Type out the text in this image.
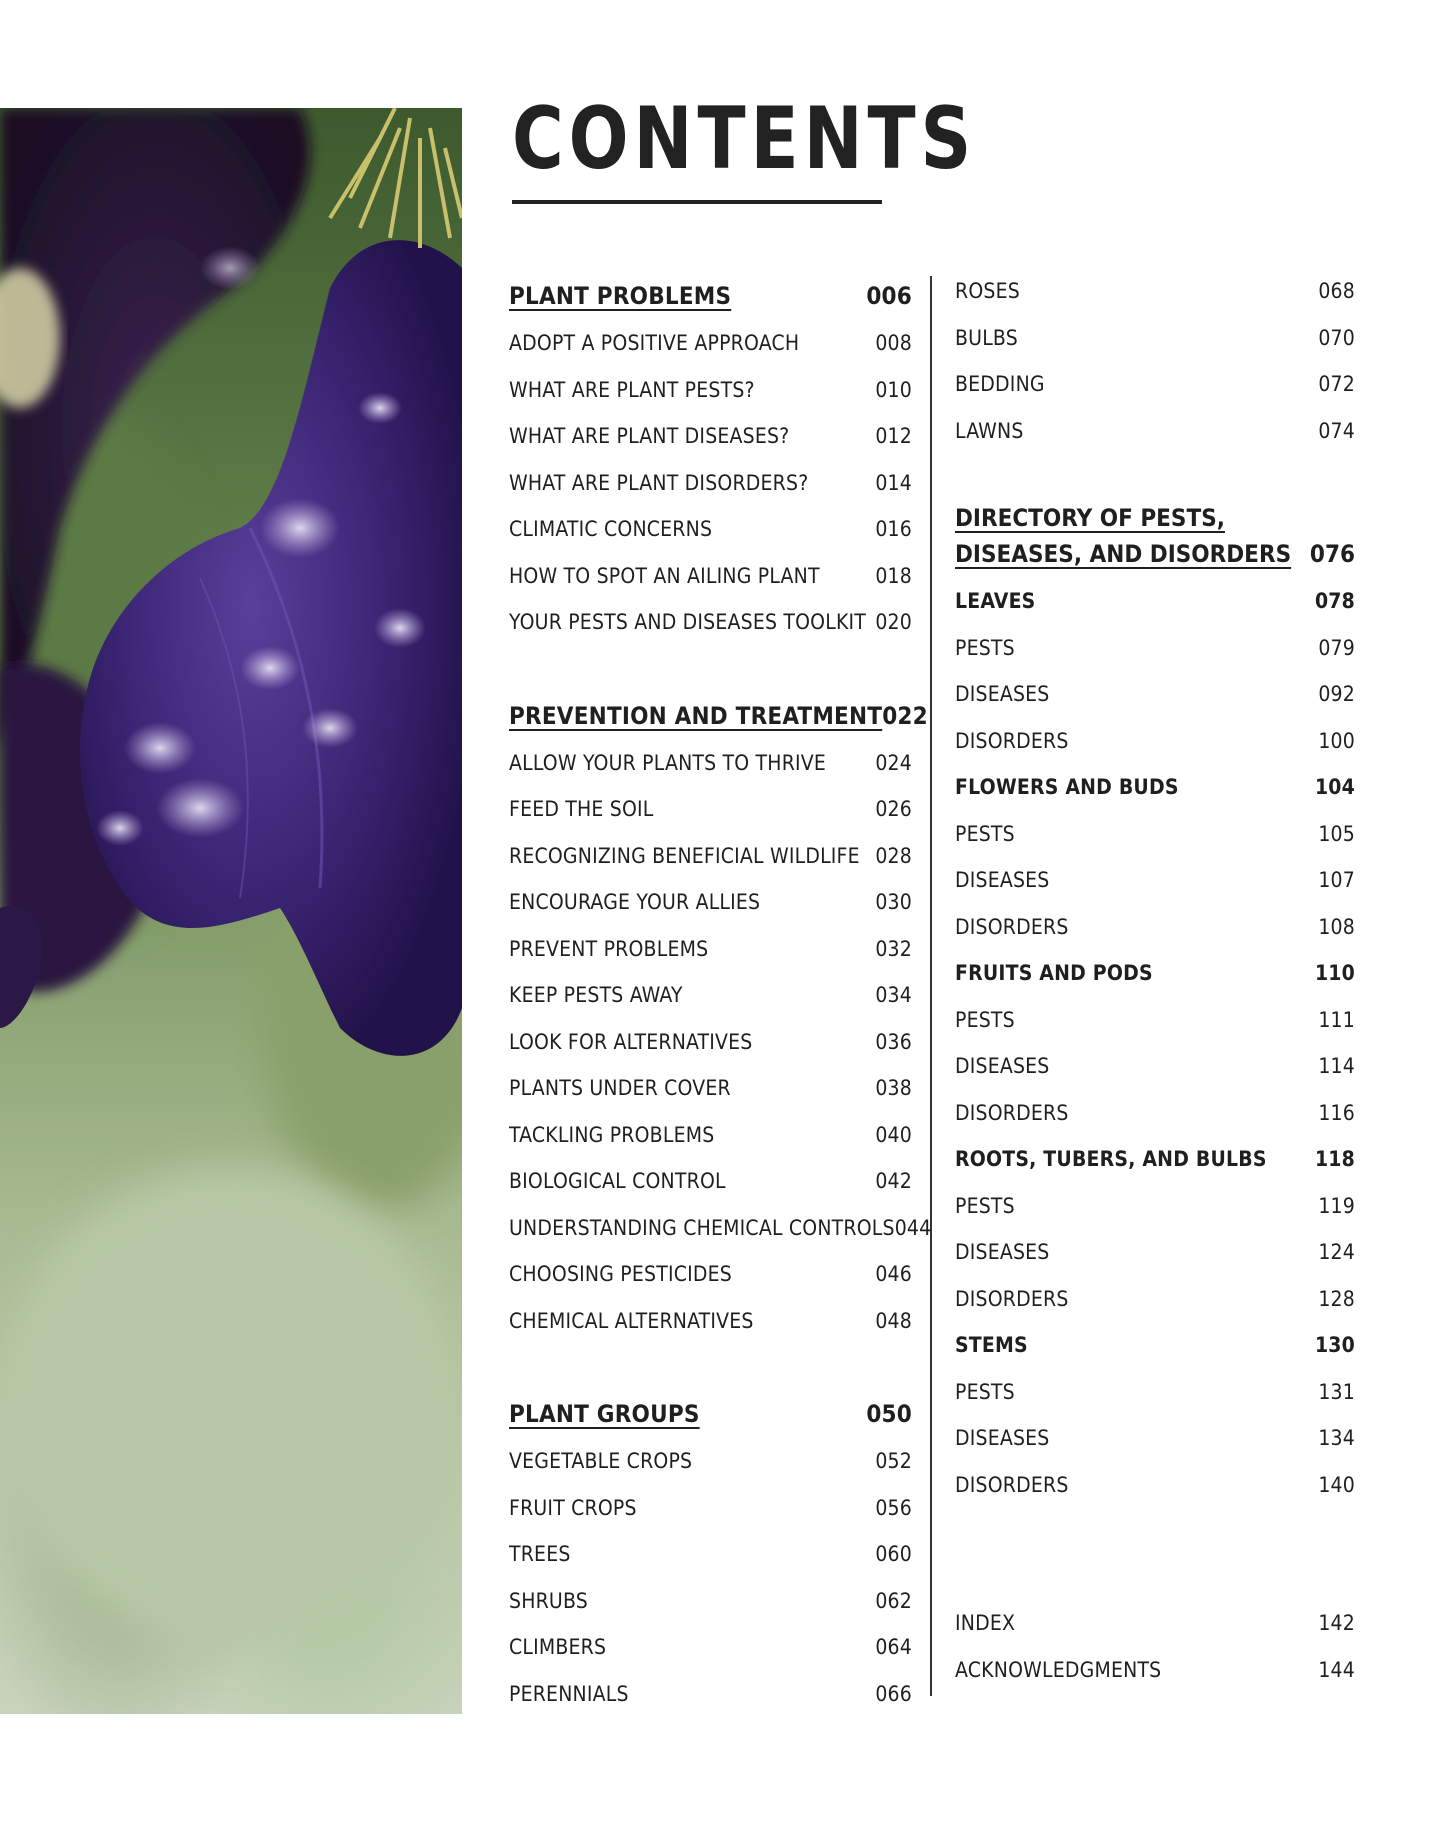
CONTENTS
PLANT PROBLEMS	006
ADOPT A POSITIVE APPROACH	008
WHAT ARE PLANT PESTS?	010
WHAT ARE PLANT DISEASES?	012
WHAT ARE PLANT DISORDERS?	014
CLIMATIC CONCERNS	016
HOW TO SPOT AN AILING PLANT	018
YOUR PESTS AND DISEASES TOOLKIT 020
PREVENTION AND TREATMENT 022
ALLOW YOUR PLANTS TO THRIVE 024
FEED THE SOIL	026
RECOGNIZING BENEFICIAL WILDLIFE 028
ENCOURAGE YOUR ALLIES	030
PREVENT PROBLEMS	032
KEEP PESTS AWAY	034
LOOK FOR ALTERNATIVES	036
PLANTS UNDER COVER	038
TACKLING PROBLEMS	040
BIOLOGICAL CONTROL	042
UNDERSTANDING CHEMICAL CONTROLS 044
CHOOSING PESTICIDES	046
CHEMICAL ALTERNATIVES	048
PLANT GROUPS	050
VEGETABLE CROPS	052
FRUIT CROPS	056
TREES	060
SHRUBS	062
CLIMBERS	064
PERENNIALS	066
ROSES	068
BULBS	070
BEDDING	072
LAWNS	074
DIRECTORY OF PESTS,
DISEASES, AND DISORDERS 076
LEAVES	078
PESTS	079
DISEASES	092
DISORDERS	100
FLOWERS AND BUDS	104
PESTS	105
DISEASES	107
DISORDERS	108
FRUITS AND PODS	110
PESTS	111
DISEASES	114
DISORDERS	116
ROOTS, TUBERS, AND BULBS 118
PESTS	119
DISEASES	124
DISORDERS	128
STEMS	130
PESTS	131
DISEASES	134
DISORDERS	140
INDEX	142
ACKNOWLEDGMENTS	144
